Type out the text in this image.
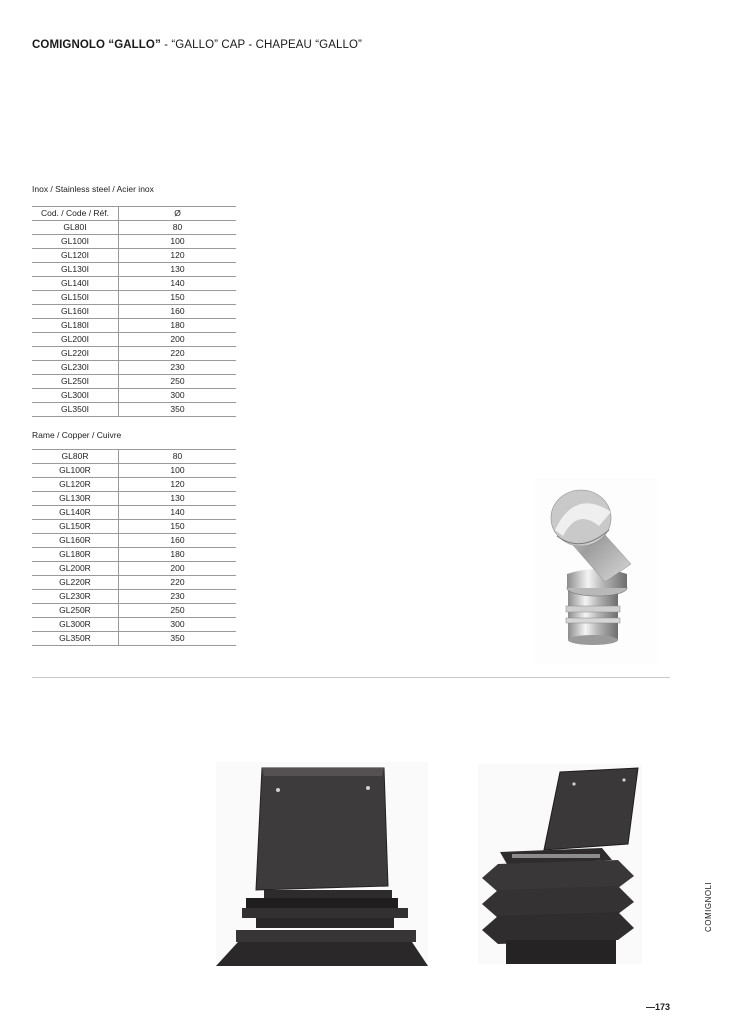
COMIGNOLO “GALLO” - “GALLO” CAP - CHAPEAU “GALLO”
Inox / Stainless steel / Acier inox
Cod. / Code / Réf.	Ø
GL80I	80
GL100I	100
GL120I	120
GL130I	130
GL140I	140
GL150I	150
GL160I	160
GL180I	180
GL200I	200
GL220I	220
GL230I	230
GL250I	250
GL300I	300
GL350I	350
Rame / Copper / Cuivre
GL80R	80
GL100R	100
GL120R	120
GL130R	130
GL140R	140
GL150R	150
GL160R	160
GL180R	180
GL200R	200
GL220R	220
GL230R	230
GL250R	250
GL300R	300
GL350R	350
COMIGNOLI
—173
